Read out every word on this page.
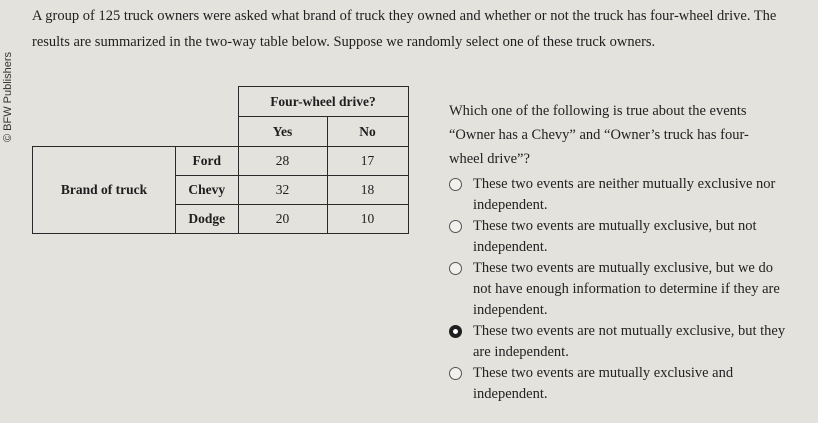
A group of 125 truck owners were asked what brand of truck they owned and whether or not the truck has four-wheel drive. The results are summarized in the two-way table below. Suppose we randomly select one of these truck owners.
© BFW Publishers
			Four-wheel drive?	
		Yes	No
Brand of truck	Ford	28	17
	Chevy	32	18
	Dodge	20	10

Which one of the following is true about the events

“Owner has a Chevy” and “Owner’s truck has four-

wheel drive”?

These two events are neither mutually exclusive nor independent.
These two events are mutually exclusive, but not independent.
These two events are mutually exclusive, but we do not have enough information to determine if they are independent.
These two events are not mutually exclusive, but they are independent.
These two events are mutually exclusive and independent.
